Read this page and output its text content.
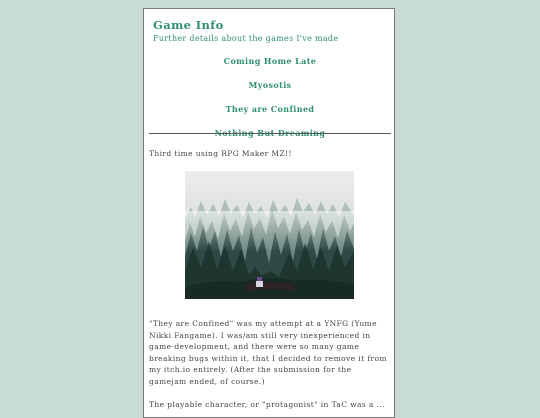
Game Info
Further details about the games I've made
Coming Home Late
Myosotis
They are Confined
Nothing But Dreaming
Third time using RPG Maker MZ!!
"They are Confined" was my attempt at a YNFG (Yume Nikki Fangame). I was/am still very inexperienced in game-development, and there were so many game breaking bugs within it, that I decided to remove it from my itch.io entirely. (After the submission for the gamejam ended, of course.)
The playable character, or "protagonist" in TaC was a ...
